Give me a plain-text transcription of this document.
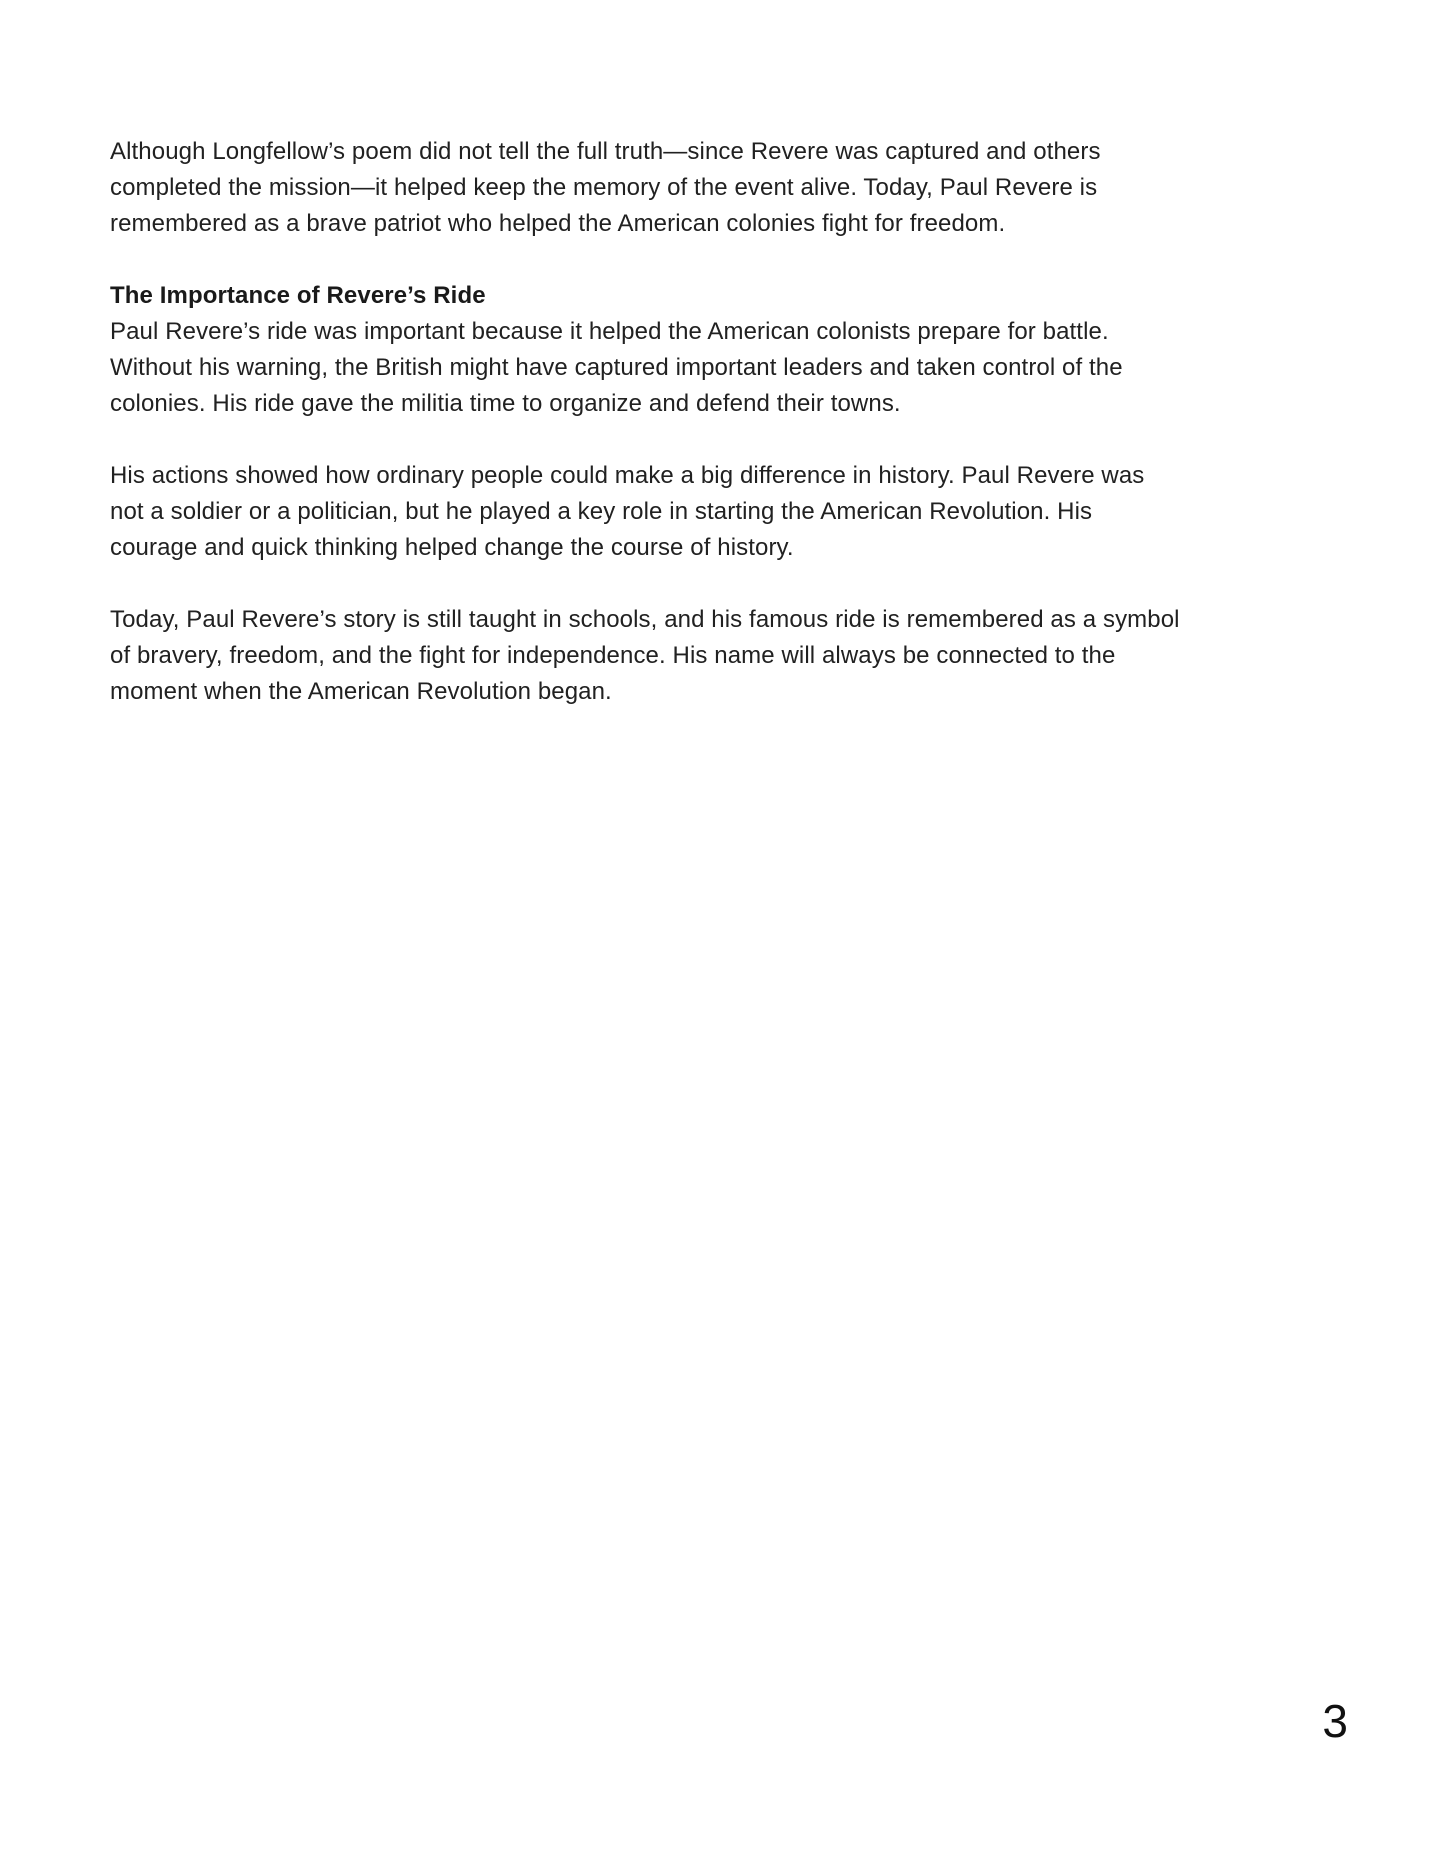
Although Longfellow’s poem did not tell the full truth—since Revere was captured and others
completed the mission—it helped keep the memory of the event alive. Today, Paul Revere is
remembered as a brave patriot who helped the American colonies fight for freedom.
The Importance of Revere’s Ride
Paul Revere’s ride was important because it helped the American colonists prepare for battle.
Without his warning, the British might have captured important leaders and taken control of the
colonies. His ride gave the militia time to organize and defend their towns.
His actions showed how ordinary people could make a big difference in history. Paul Revere was
not a soldier or a politician, but he played a key role in starting the American Revolution. His
courage and quick thinking helped change the course of history.
Today, Paul Revere’s story is still taught in schools, and his famous ride is remembered as a symbol
of bravery, freedom, and the fight for independence. His name will always be connected to the
moment when the American Revolution began.
3
